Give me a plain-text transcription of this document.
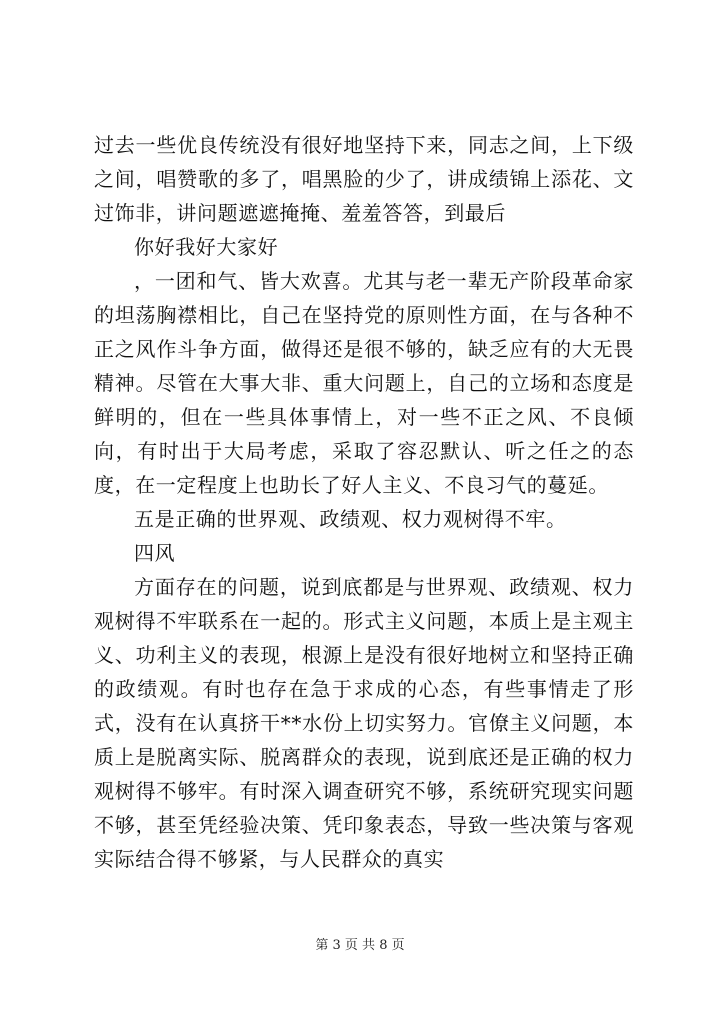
过去一些优良传统没有很好地坚持下来，同志之间，上下级之间，唱赞歌的多了，唱黑脸的少了，讲成绩锦上添花、文过饰非，讲问题遮遮掩掩、羞羞答答，到最后

你好我好大家好

，一团和气、皆大欢喜。尤其与老一辈无产阶段革命家的坦荡胸襟相比，自己在坚持党的原则性方面，在与各种不正之风作斗争方面，做得还是很不够的，缺乏应有的大无畏精神。尽管在大事大非、重大问题上，自己的立场和态度是鲜明的，但在一些具体事情上，对一些不正之风、不良倾向，有时出于大局考虑，采取了容忍默认、听之任之的态度，在一定程度上也助长了好人主义、不良习气的蔓延。

五是正确的世界观、政绩观、权力观树得不牢。

四风

方面存在的问题，说到底都是与世界观、政绩观、权力观树得不牢联系在一起的。形式主义问题，本质上是主观主义、功利主义的表现，根源上是没有很好地树立和坚持正确的政绩观。有时也存在急于求成的心态，有些事情走了形式，没有在认真挤干**水份上切实努力。官僚主义问题，本质上是脱离实际、脱离群众的表现，说到底还是正确的权力观树得不够牢。有时深入调查研究不够，系统研究现实问题不够，甚至凭经验决策、凭印象表态，导致一些决策与客观实际结合得不够紧，与人民群众的真实

第 3 页 共 8 页
